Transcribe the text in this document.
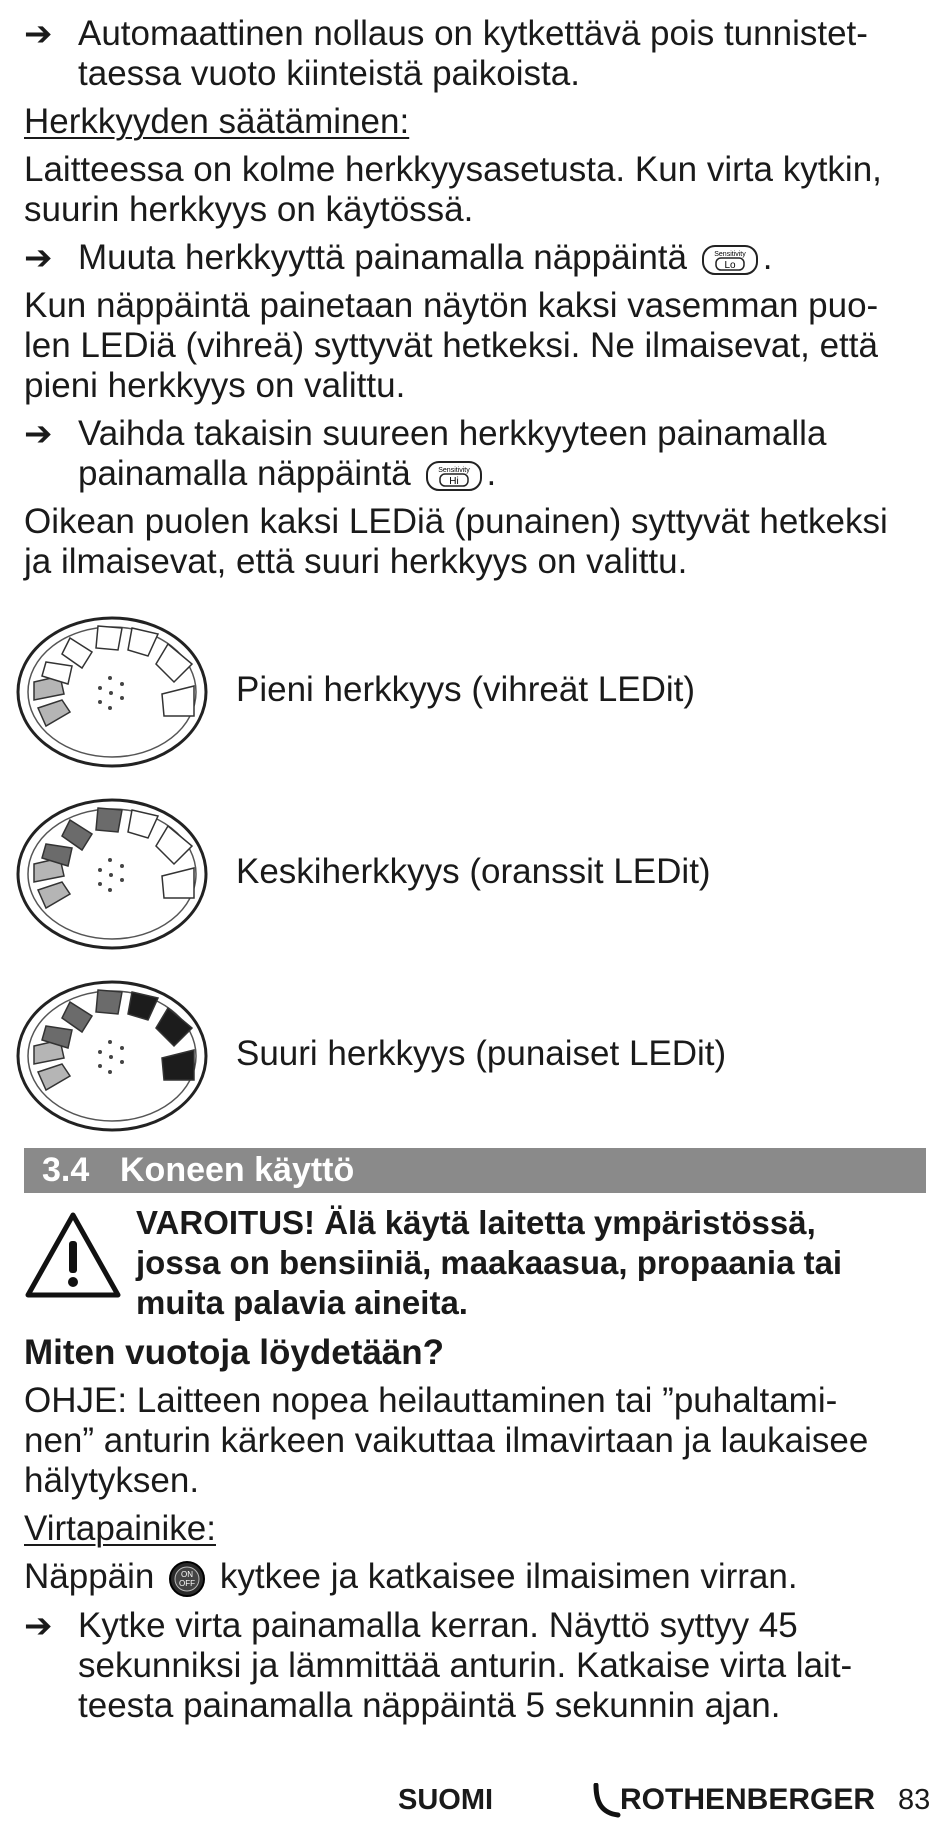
➔ Automaattinen nollaus on kytkettävä pois tunnistet-
taessa vuoto kiinteistä paikoista.

Herkkyyden säätäminen:

Laitteessa on kolme herkkyysasetusta. Kun virta kytkin,

suurin herkkyys on käytössä.

➔ Muuta herkkyyttä painamalla näppäintä	Sensitivity
Lo .

Kun näppäintä painetaan näytön kaksi vasemman puo-

len LEDiä (vihreä) syttyvät hetkeksi. Ne ilmaisevat, että

pieni herkkyys on valittu.

➔ Vaihda takaisin suureen herkkyyteen painamalla
painamalla näppäintä	Sensitivity
Hi .

Oikean puolen kaksi LEDiä (punainen) syttyvät hetkeksi

ja ilmaisevat, että suuri herkkyys on valittu.

Pieni herkkyys (vihreät LEDit)
Keskiherkkyys (oranssit LEDit)
Suuri herkkyys (punaiset LEDit)
3.4 Koneen käyttö
VAROITUS! Älä käytä laitetta ympäristössä,
jossa on bensiiniä, maakaasua, propaania tai
muita palavia aineita.

Miten vuotoja löydetään?

OHJE: Laitteen nopea heilauttaminen tai ”puhaltami-

nen” anturin kärkeen vaikuttaa ilmavirtaan ja laukaisee

hälytyksen.

Virtapainike:

Näppäin	ON
OFF kytkee ja katkaisee ilmaisimen virran.

➔ Kytke virta painamalla kerran. Näyttö syttyy 45
sekunniksi ja lämmittää anturin. Katkaise virta lait-
teesta painamalla näppäintä 5 sekunnin ajan.
SUOMI	ROTHENBERGER 83
